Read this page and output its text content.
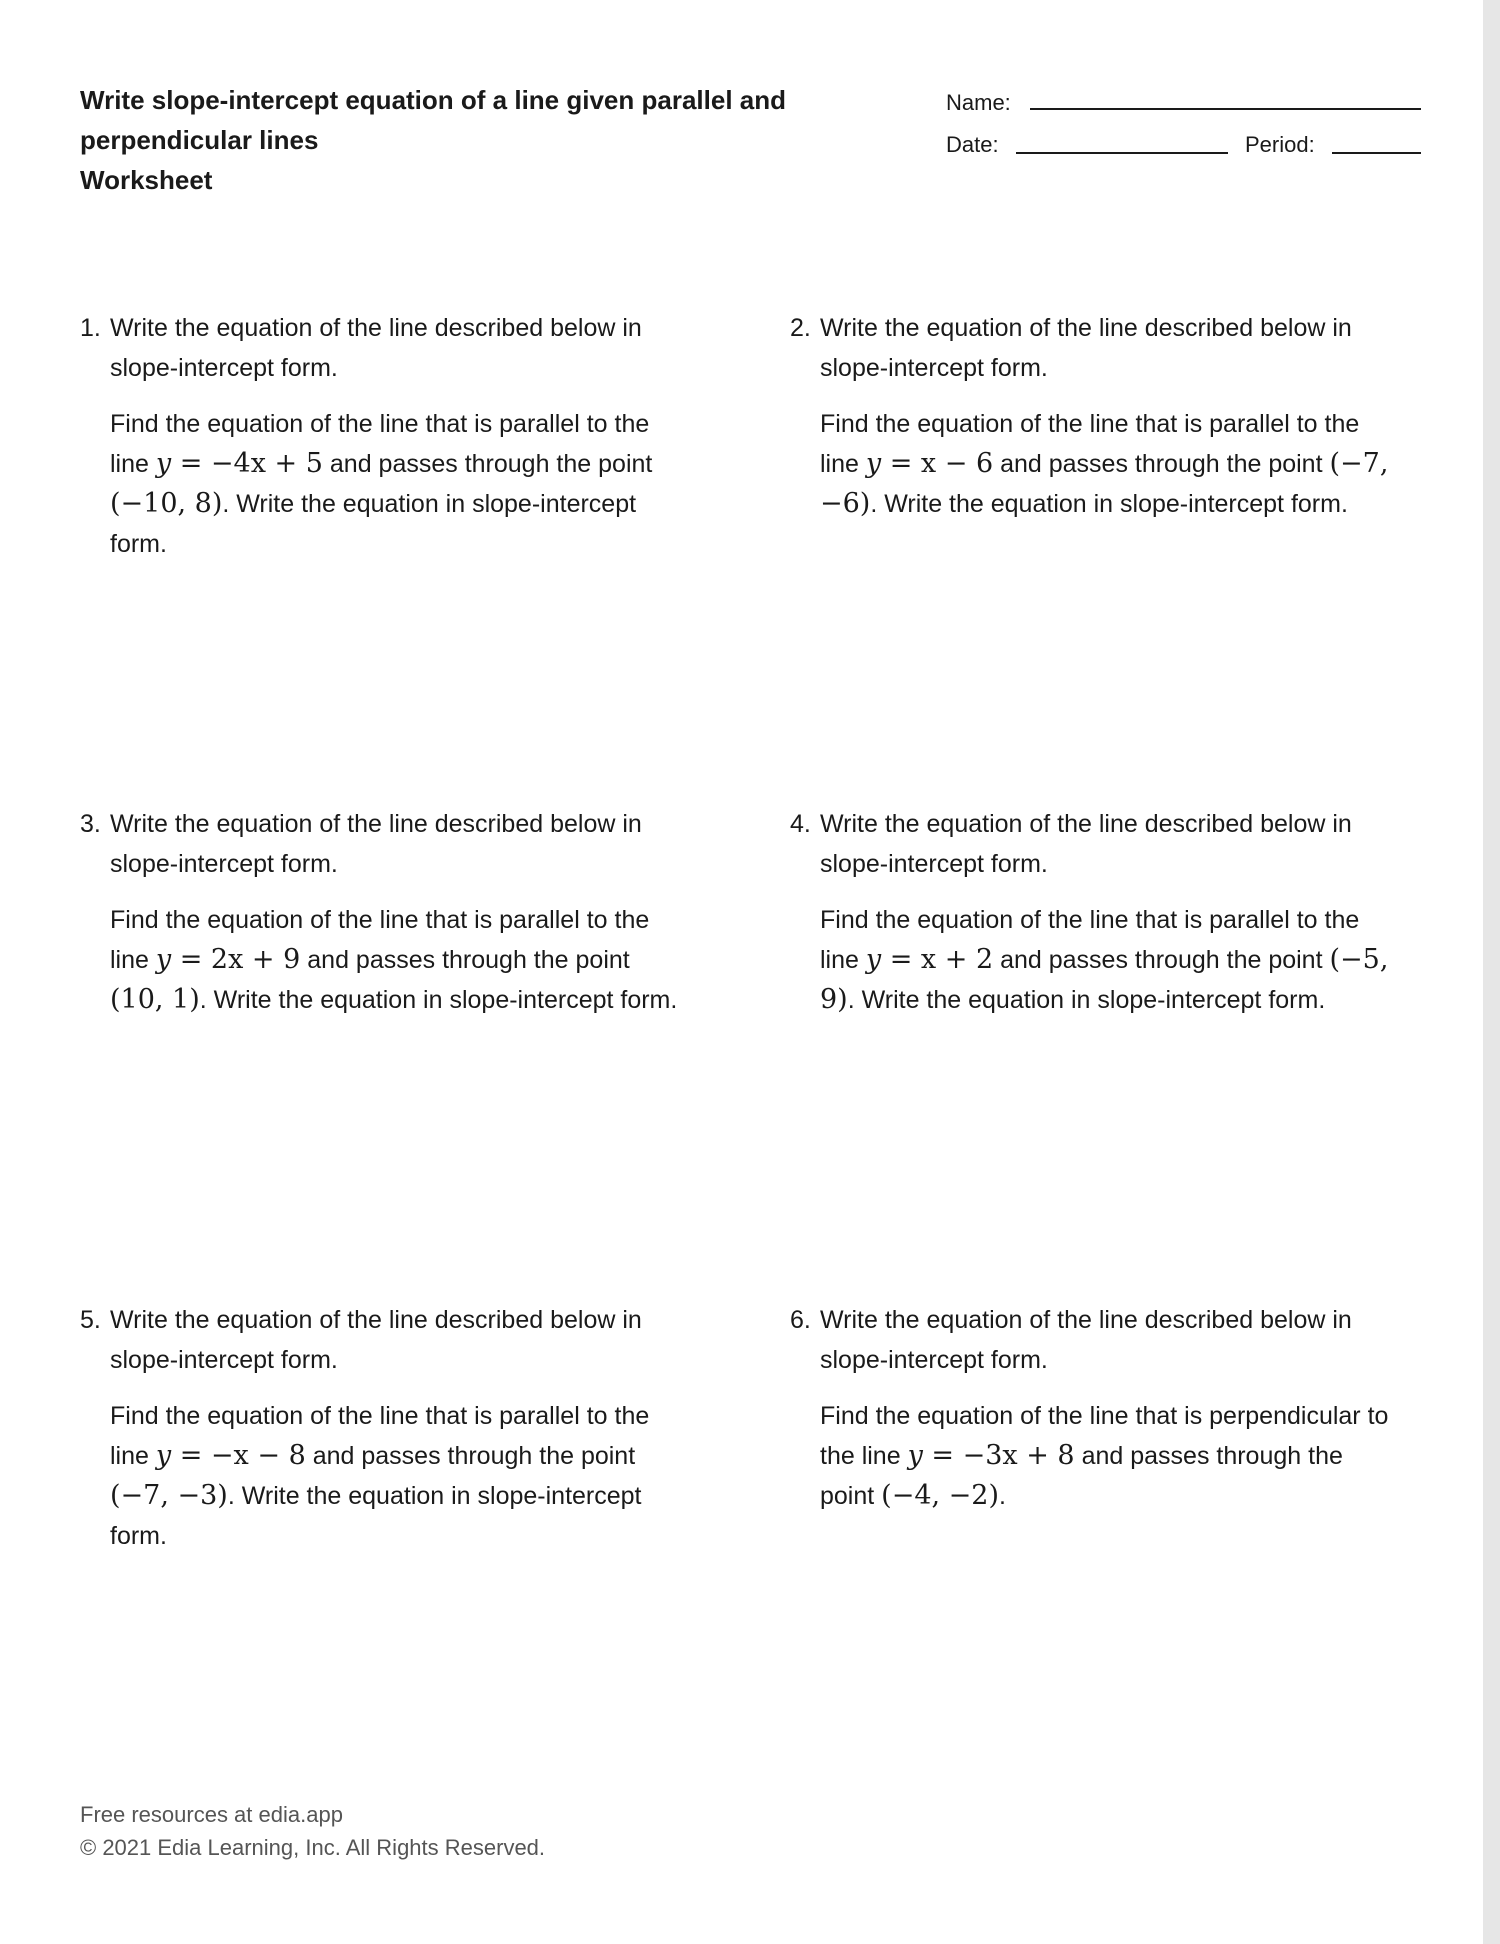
Write slope-intercept equation of a line given parallel and
perpendicular lines
Worksheet
Name:
Date:	Period:
1. Write the equation of the line described below in slope-intercept form.
Find the equation of the line that is parallel to the line y = −4x + 5 and passes through the point (−10, 8). Write the equation in slope-intercept form.
2. Write the equation of the line described below in slope-intercept form.
Find the equation of the line that is parallel to the line y = x − 6 and passes through the point (−7, −6). Write the equation in slope-intercept form.
3. Write the equation of the line described below in slope-intercept form.
Find the equation of the line that is parallel to the line y = 2x + 9 and passes through the point (10, 1). Write the equation in slope-intercept form.
4. Write the equation of the line described below in slope-intercept form.
Find the equation of the line that is parallel to the line y = x + 2 and passes through the point (−5, 9). Write the equation in slope-intercept form.
5. Write the equation of the line described below in slope-intercept form.
Find the equation of the line that is parallel to the line y = −x − 8 and passes through the point (−7, −3). Write the equation in slope-intercept form.
6. Write the equation of the line described below in slope-intercept form.
Find the equation of the line that is perpendicular to the line y = −3x + 8 and passes through the point (−4, −2).
Free resources at edia.app
© 2021 Edia Learning, Inc. All Rights Reserved.
